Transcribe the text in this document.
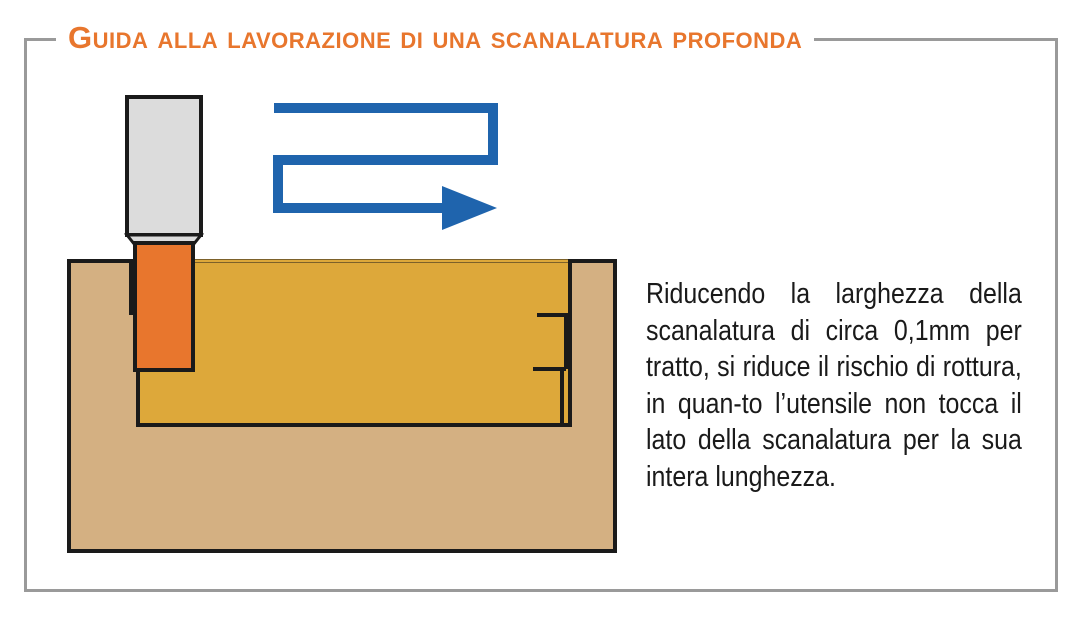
Guida alla lavorazione di una scanalatura profonda
Riducendo la larghezza della scanalatura di circa 0,1mm per tratto, si riduce il rischio di rottura, in quan-to l’utensile non tocca il lato della scanalatura per la sua intera lunghezza.
